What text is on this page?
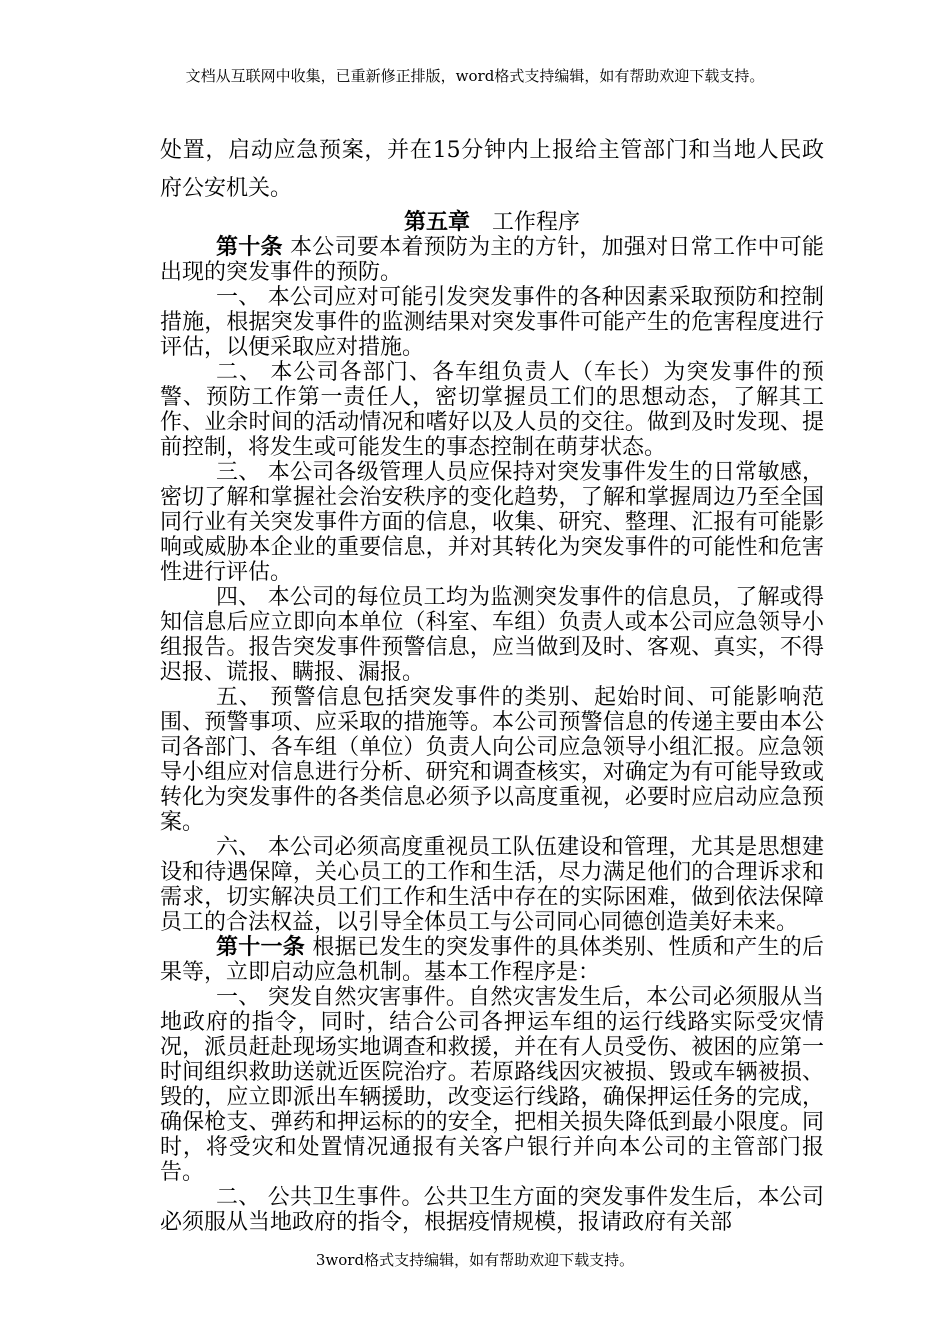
文档从互联网中收集，已重新修正排版，word格式支持编辑，如有帮助欢迎下载支持。

处置，启动应急预案，并在15分钟内上报给主管部门和当地人民政府公安机关。

第五章 工作程序

第十条 本公司要本着预防为主的方针，加强对日常工作中可能出现的突发事件的预防。

一、 本公司应对可能引发突发事件的各种因素采取预防和控制措施，根据突发事件的监测结果对突发事件可能产生的危害程度进行评估，以便采取应对措施。

二、 本公司各部门、各车组负责人（车长）为突发事件的预警、预防工作第一责任人，密切掌握员工们的思想动态，了解其工作、业余时间的活动情况和嗜好以及人员的交往。做到及时发现、提前控制，将发生或可能发生的事态控制在萌芽状态。

三、 本公司各级管理人员应保持对突发事件发生的日常敏感，密切了解和掌握社会治安秩序的变化趋势，了解和掌握周边乃至全国同行业有关突发事件方面的信息，收集、研究、整理、汇报有可能影响或威胁本企业的重要信息，并对其转化为突发事件的可能性和危害性进行评估。

四、 本公司的每位员工均为监测突发事件的信息员，了解或得知信息后应立即向本单位（科室、车组）负责人或本公司应急领导小组报告。报告突发事件预警信息，应当做到及时、客观、真实，不得迟报、谎报、瞒报、漏报。

五、 预警信息包括突发事件的类别、起始时间、可能影响范围、预警事项、应采取的措施等。本公司预警信息的传递主要由本公司各部门、各车组（单位）负责人向公司应急领导小组汇报。应急领导小组应对信息进行分析、研究和调查核实，对确定为有可能导致或转化为突发事件的各类信息必须予以高度重视，必要时应启动应急预案。

六、 本公司必须高度重视员工队伍建设和管理，尤其是思想建设和待遇保障，关心员工的工作和生活，尽力满足他们的合理诉求和需求，切实解决员工们工作和生活中存在的实际困难，做到依法保障员工的合法权益，以引导全体员工与公司同心同德创造美好未来。

第十一条 根据已发生的突发事件的具体类别、性质和产生的后果等，立即启动应急机制。基本工作程序是：

一、 突发自然灾害事件。自然灾害发生后，本公司必须服从当地政府的指令，同时，结合公司各押运车组的运行线路实际受灾情况，派员赶赴现场实地调查和救援，并在有人员受伤、被困的应第一时间组织救助送就近医院治疗。若原路线因灾被损、毁或车辆被损、毁的，应立即派出车辆援助，改变运行线路，确保押运任务的完成，确保枪支、弹药和押运标的的安全，把相关损失降低到最小限度。同时，将受灾和处置情况通报有关客户银行并向本公司的主管部门报告。

二、 公共卫生事件。公共卫生方面的突发事件发生后，本公司必须服从当地政府的指令，根据疫情规模，报请政府有关部

3word格式支持编辑，如有帮助欢迎下载支持。
